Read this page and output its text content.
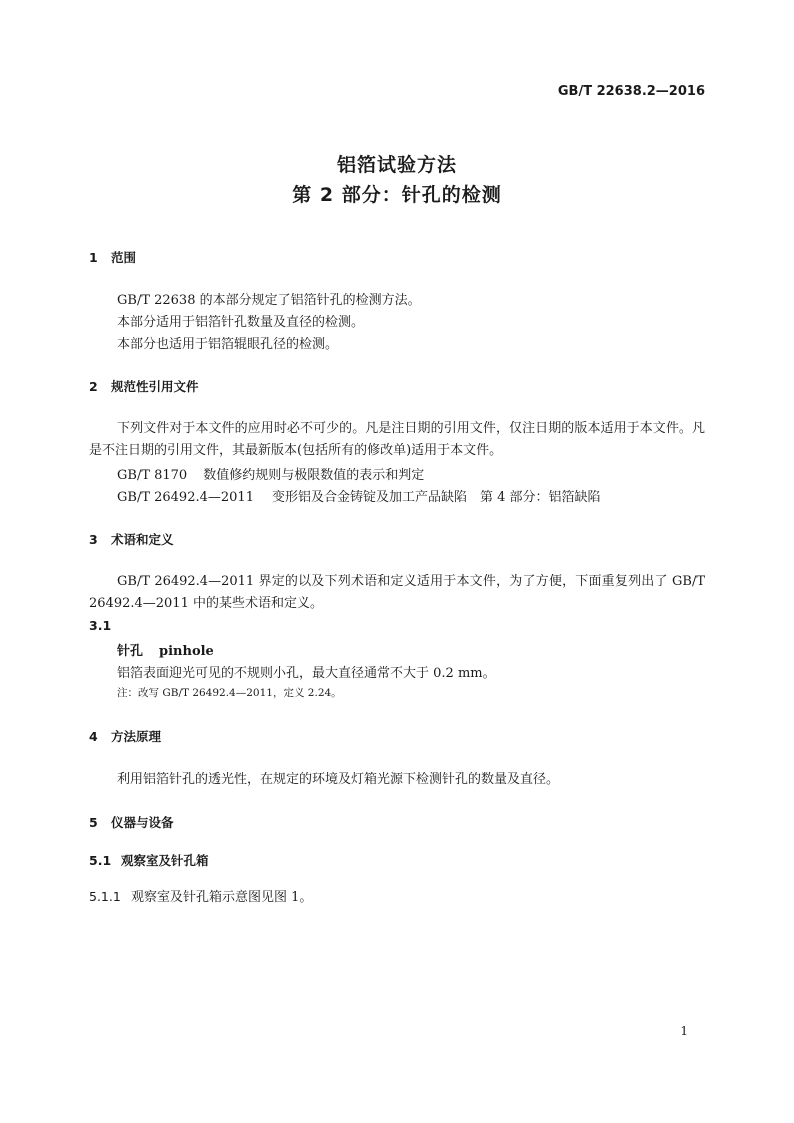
GB/T 22638.2—2016
铝箔试验方法
第 2 部分：针孔的检测
1 范围
GB/T 22638 的本部分规定了铝箔针孔的检测方法。
本部分适用于铝箔针孔数量及直径的检测。
本部分也适用于铝箔辊眼孔径的检测。
2 规范性引用文件
下列文件对于本文件的应用时必不可少的。凡是注日期的引用文件，仅注日期的版本适用于本文件。凡是不注日期的引用文件，其最新版本(包括所有的修改单)适用于本文件。
GB/T 8170 数值修约规则与极限数值的表示和判定
GB/T 26492.4—2011 变形铝及合金铸锭及加工产品缺陷　第 4 部分：铝箔缺陷
3 术语和定义
GB/T 26492.4—2011 界定的以及下列术语和定义适用于本文件，为了方便，下面重复列出了 GB/T 26492.4—2011 中的某些术语和定义。
3.1
针孔 pinhole
铝箔表面迎光可见的不规则小孔，最大直径通常不大于 0.2 mm。
注：改写 GB/T 26492.4—2011，定义 2.24。
4 方法原理
利用铝箔针孔的透光性，在规定的环境及灯箱光源下检测针孔的数量及直径。
5 仪器与设备
5.1 观察室及针孔箱
5.1.1 观察室及针孔箱示意图见图 1。
1
